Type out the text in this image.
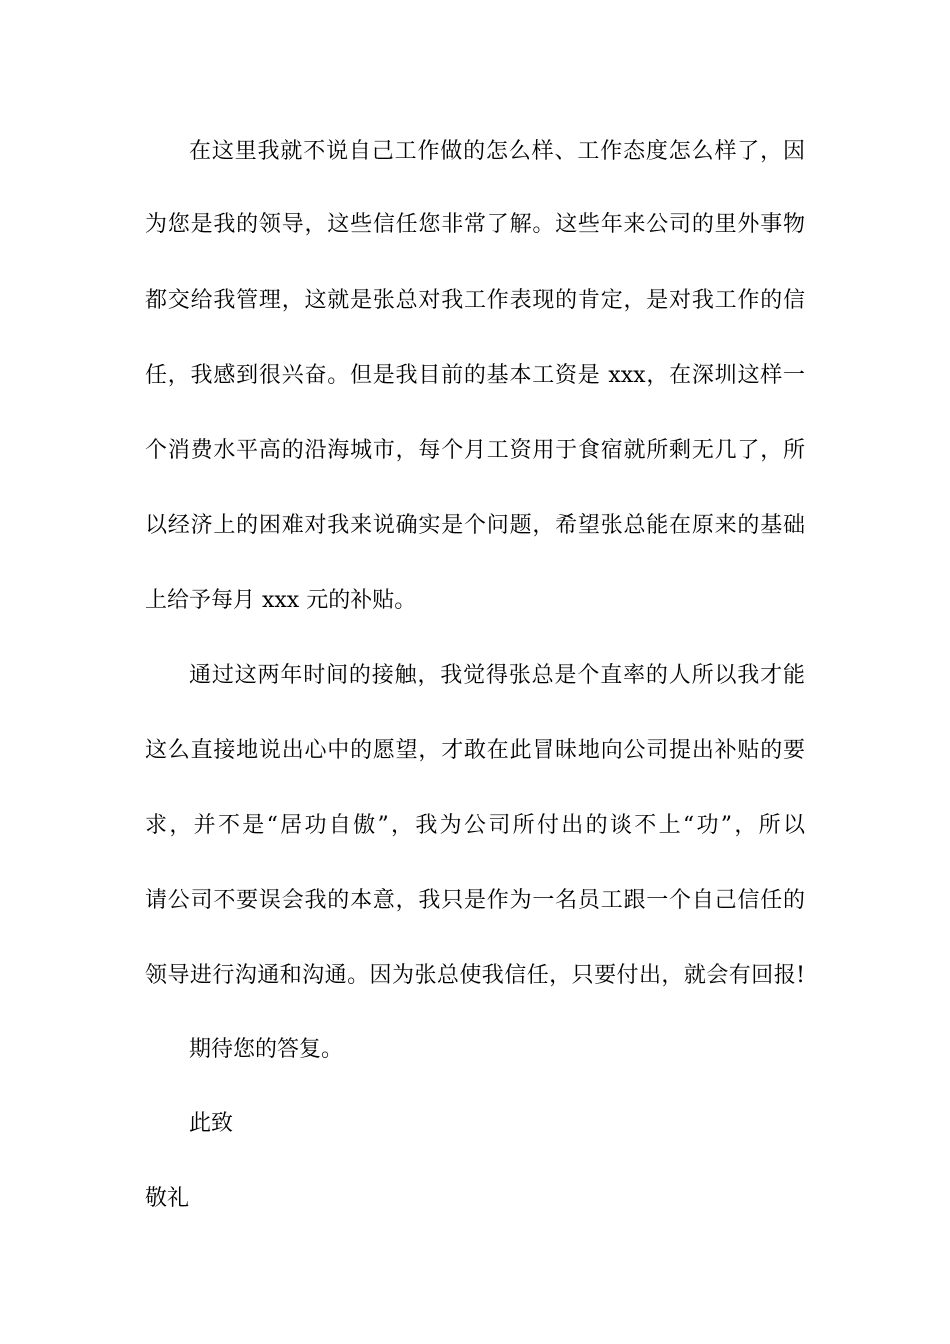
在这里我就不说自己工作做的怎么样、工作态度怎么样了，因
为您是我的领导，这些信任您非常了解。这些年来公司的里外事物
都交给我管理，这就是张总对我工作表现的肯定，是对我工作的信
任，我感到很兴奋。但是我目前的基本工资是 xxx，在深圳这样一
个消费水平高的沿海城市，每个月工资用于食宿就所剩无几了，所
以经济上的困难对我来说确实是个问题，希望张总能在原来的基础
上给予每月 xxx 元的补贴。
通过这两年时间的接触，我觉得张总是个直率的人所以我才能
这么直接地说出心中的愿望，才敢在此冒昧地向公司提出补贴的要
求，并不是“居功自傲”，我为公司所付出的谈不上“功”，所以
请公司不要误会我的本意，我只是作为一名员工跟一个自己信任的
领导进行沟通和沟通。因为张总使我信任，只要付出，就会有回报!
期待您的答复。
此致
敬礼
